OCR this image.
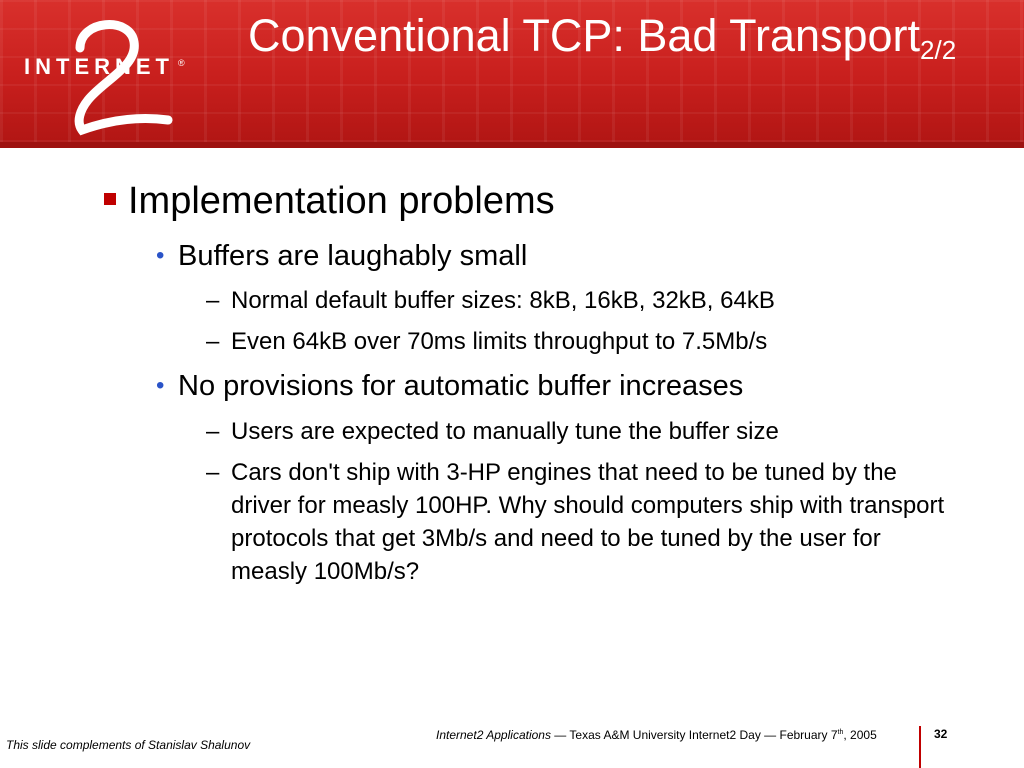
INTERNET ®
Conventional TCP: Bad Transport$_{2/2}$
Implementation problems
• Buffers are laughably small
– Normal default buffer sizes: 8kB, 16kB, 32kB, 64kB
– Even 64kB over 70ms limits throughput to 7.5Mb/s
• No provisions for automatic buffer increases
– Users are expected to manually tune the buffer size
– Cars don't ship with 3-HP engines that need to be tuned by the driver for measly 100HP. Why should computers ship with transport protocols that get 3Mb/s and need to be tuned by the user for measly 100Mb/s?
This slide complements of Stanislav Shalunov
Internet2 Applications — Texas A&M University Internet2 Day — February 7th, 2005	32
